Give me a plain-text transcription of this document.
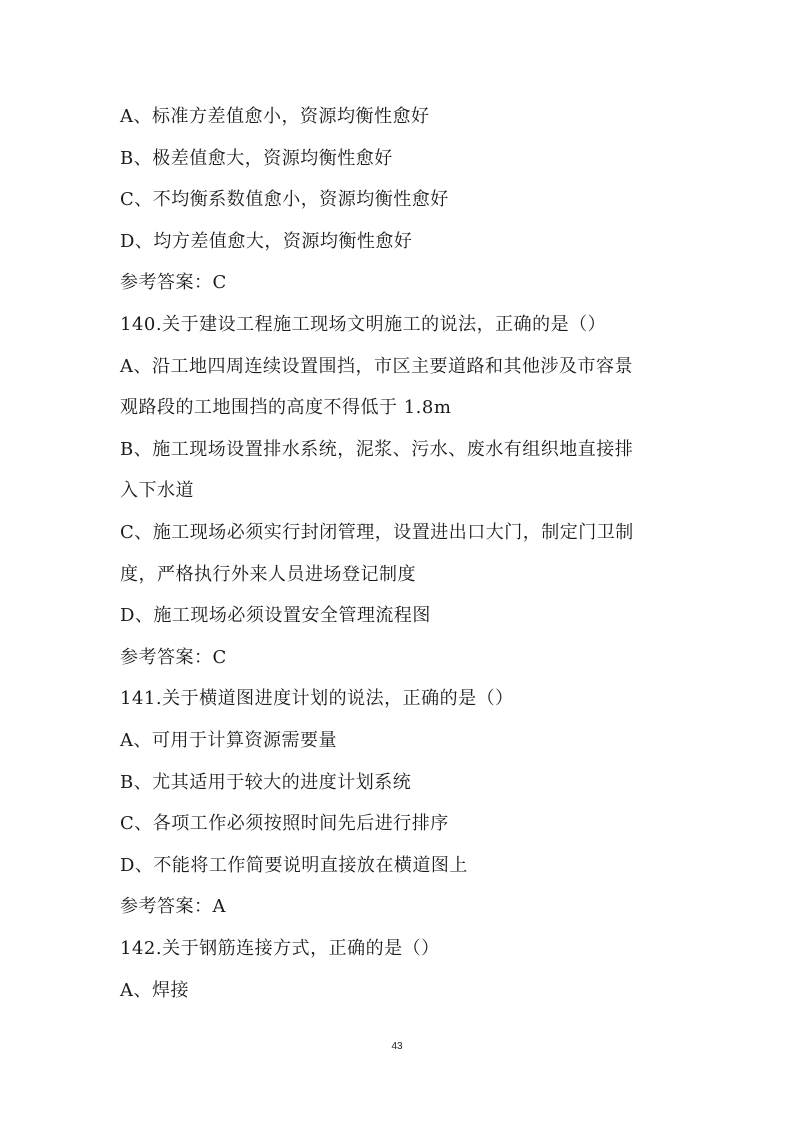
A、标准方差值愈小，资源均衡性愈好
B、极差值愈大，资源均衡性愈好
C、不均衡系数值愈小，资源均衡性愈好
D、均方差值愈大，资源均衡性愈好
参考答案：C
140.关于建设工程施工现场文明施工的说法，正确的是（）
A、沿工地四周连续设置围挡，市区主要道路和其他涉及市容景
观路段的工地围挡的高度不得低于 1.8m
B、施工现场设置排水系统，泥浆、污水、废水有组织地直接排
入下水道
C、施工现场必须实行封闭管理，设置进出口大门，制定门卫制
度，严格执行外来人员进场登记制度
D、施工现场必须设置安全管理流程图
参考答案：C
141.关于横道图进度计划的说法，正确的是（）
A、可用于计算资源需要量
B、尤其适用于较大的进度计划系统
C、各项工作必须按照时间先后进行排序
D、不能将工作简要说明直接放在横道图上
参考答案：A
142.关于钢筋连接方式，正确的是（）
A、焊接
43
